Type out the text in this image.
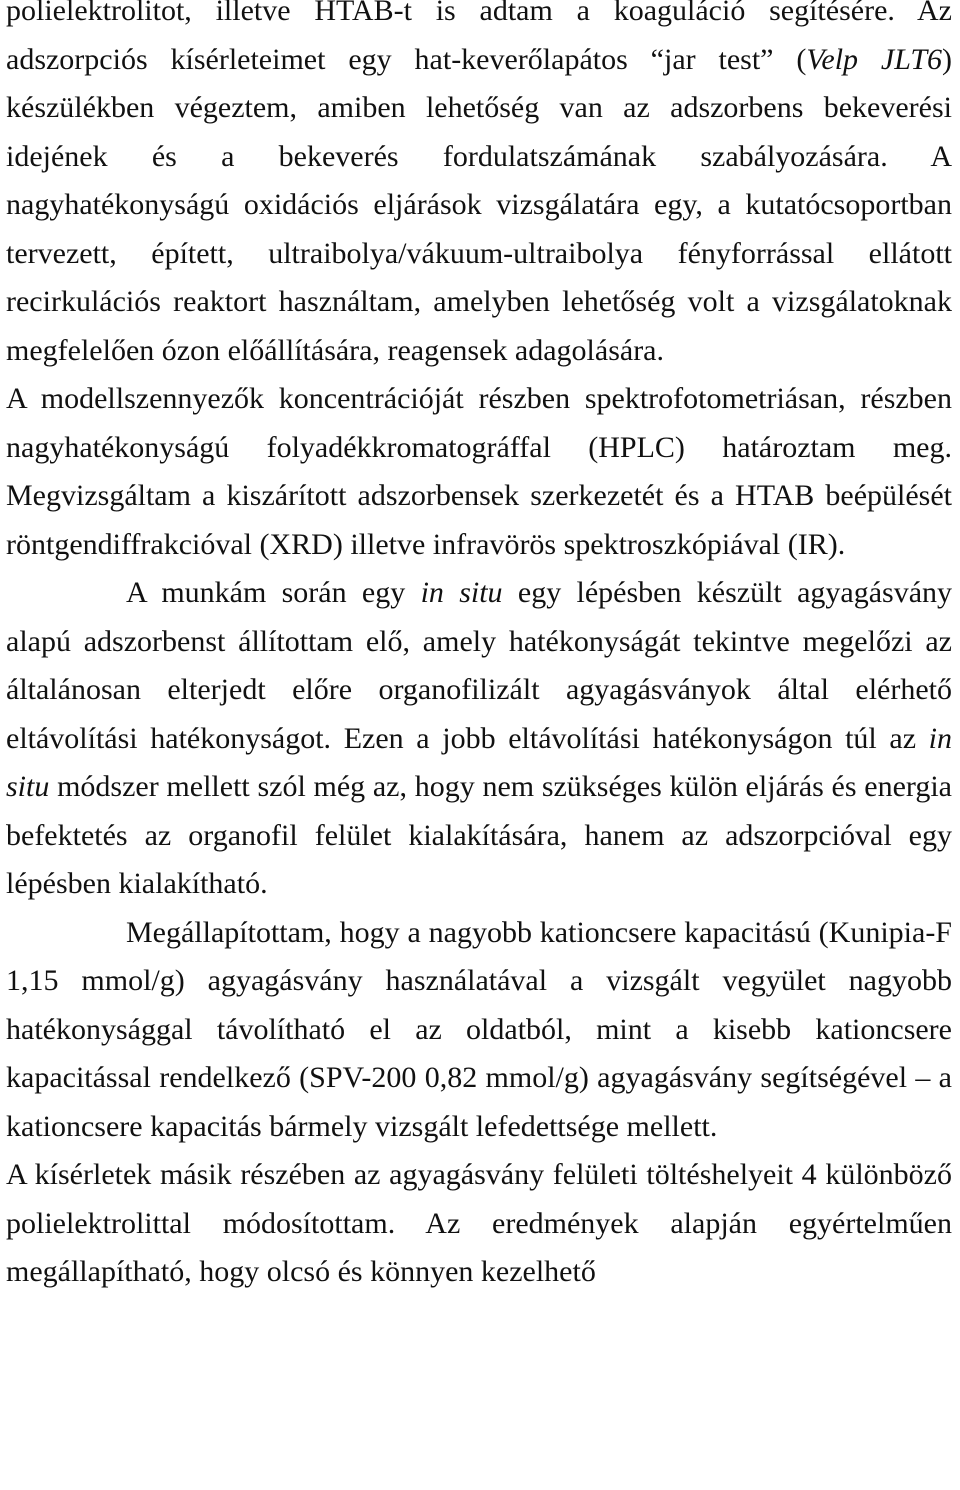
polielektrolitot, illetve HTAB-t is adtam a koaguláció segítésére. Az adszorpciós kísérleteimet egy hat-keverőlapátos “jar test” (Velp JLT6) készülékben végeztem, amiben lehetőség van az adszorbens bekeverési idejének és a bekeverés fordulatszámának szabályozására. A nagyhatékonyságú oxidációs eljárások vizsgálatára egy, a kutatócsoportban tervezett, épített, ultraibolya/vákuum-ultraibolya fényforrással ellátott recirkulációs reaktort használtam, amelyben lehetőség volt a vizsgálatoknak megfelelően ózon előállítására, reagensek adagolására.

A modellszennyezők koncentrációját részben spektrofotometriásan, részben nagyhatékonyságú folyadékkromatográffal (HPLC) határoztam meg. Megvizsgáltam a kiszárított adszorbensek szerkezetét és a HTAB beépülését röntgendiffrakcióval (XRD) illetve infravörös spektroszkópiával (IR).

A munkám során egy in situ egy lépésben készült agyagásvány alapú adszorbenst állítottam elő, amely hatékonyságát tekintve megelőzi az általánosan elterjedt előre organofilizált agyagásványok által elérhető eltávolítási hatékonyságot. Ezen a jobb eltávolítási hatékonyságon túl az in situ módszer mellett szól még az, hogy nem szükséges külön eljárás és energia befektetés az organofil felület kialakítására, hanem az adszorpcióval egy lépésben kialakítható.

Megállapítottam, hogy a nagyobb kationcsere kapacitású (Kunipia-F 1,15 mmol/g) agyagásvány használatával a vizsgált vegyület nagyobb hatékonysággal távolítható el az oldatból, mint a kisebb kationcsere kapacitással rendelkező (SPV-200 0,82 mmol/g) agyagásvány segítségével – a kationcsere kapacitás bármely vizsgált lefedettsége mellett.

A kísérletek másik részében az agyagásvány felületi töltéshelyeit 4 különböző polielektrolittal módosítottam. Az eredmények alapján egyértelműen megállapítható, hogy olcsó és könnyen kezelhető
